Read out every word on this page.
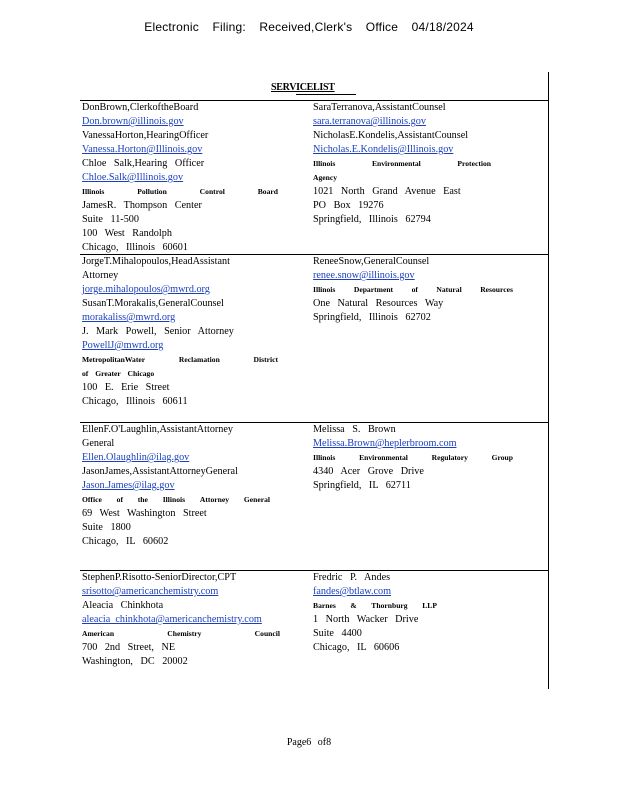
Electronic Filing: Received,Clerk's Office 04/18/2024
SERVICELIST
DonBrown,ClerkoftheBoard
Don.brown@illinois.gov
VanessaHorton,HearingOfficer
Vanessa.Horton@Illinois.gov
Chloe Salk,Hearing Officer
Chloe.Salk@Illinois.gov
Illinois	Pollution	Control	Board
JamesR. Thompson Center
Suite 11-500
100 West Randolph
Chicago, Illinois 60601
SaraTerranova,AssistantCounsel
sara.terranova@illinois.gov
NicholasE.Kondelis,AssistantCounsel
Nicholas.E.Kondelis@Illinois.gov
Illinois	Environmental	Protection
Agency
1021 North Grand Avenue East
PO Box 19276
Springfield, Illinois 62794
JorgeT.Mihalopoulos,HeadAssistant
Attorney
jorge.mihalopoulos@mwrd.org
SusanT.Morakalis,GeneralCounsel
morakaliss@mwrd.org
J. Mark Powell, Senior Attorney
PowellJ@mwrd.org
MetropolitanWater	Reclamation	District
of Greater Chicago
100 E. Erie Street
Chicago, Illinois 60611
ReneeSnow,GeneralCounsel
renee.snow@illinois.gov
Illinois Department of Natural Resources
One Natural Resources Way
Springfield, Illinois 62702
EllenF.O'Laughlin,AssistantAttorney
General
Ellen.Olaughlin@ilag.gov
JasonJames,AssistantAttorneyGeneral
Jason.James@ilag.gov
Office of the Illinois Attorney General
69 West Washington Street
Suite 1800
Chicago, IL 60602
Melissa S. Brown
Melissa.Brown@heplerbroom.com
Illinois	Environmental	Regulatory	Group
4340 Acer Grove Drive
Springfield, IL 62711
StephenP.Risotto-SeniorDirector,CPT
srisotto@americanchemistry.com
Aleacia Chinkhota
aleacia_chinkhota@americanchemistry.com
American	Chemistry	Council
700 2nd Street, NE
Washington, DC 20002
Fredric P. Andes
fandes@btlaw.com
Barnes & Thornburg LLP
1 North Wacker Drive
Suite 4400
Chicago, IL 60606
Page6 of8
